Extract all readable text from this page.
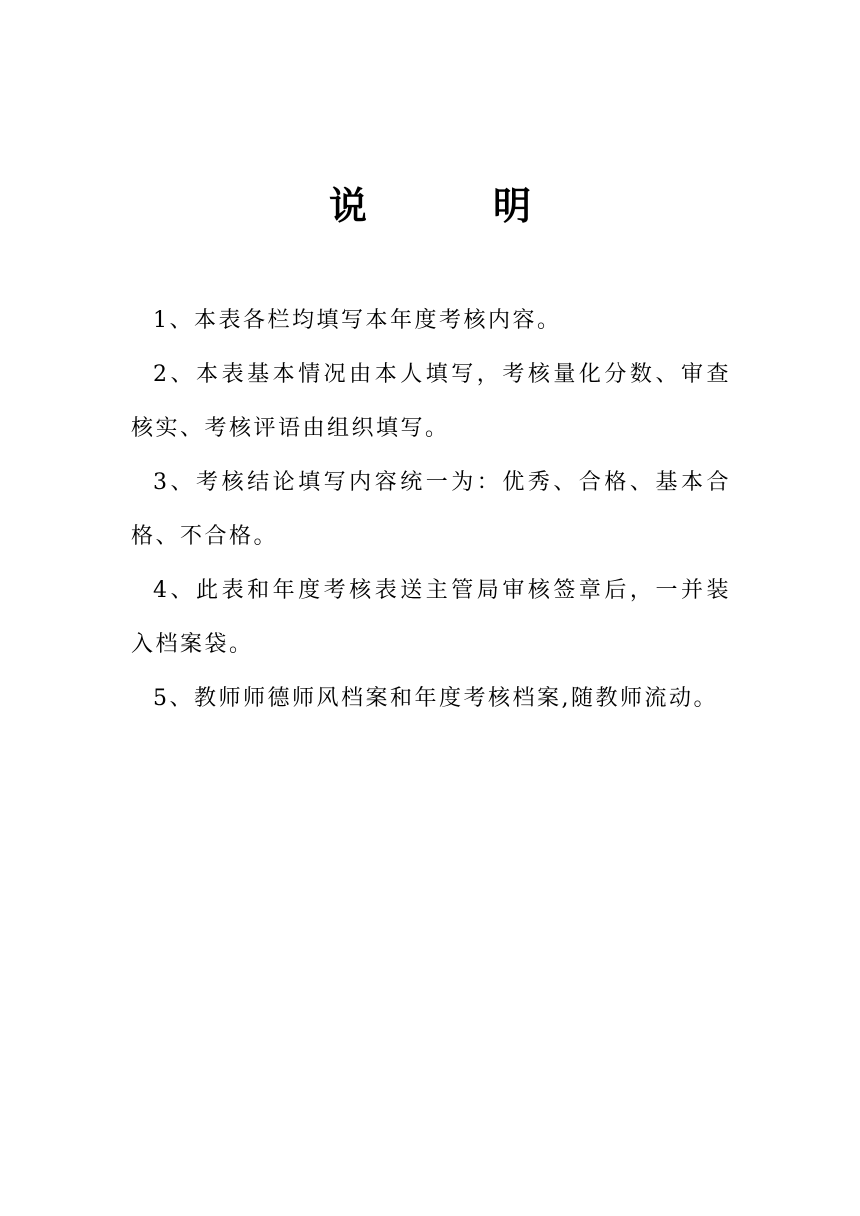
说　明

1、本表各栏均填写本年度考核内容。

2、本表基本情况由本人填写，考核量化分数、审查核实、考核评语由组织填写。

3、考核结论填写内容统一为：优秀、合格、基本合格、不合格。

4、此表和年度考核表送主管局审核签章后，一并装入档案袋。

5、教师师德师风档案和年度考核档案,随教师流动。
